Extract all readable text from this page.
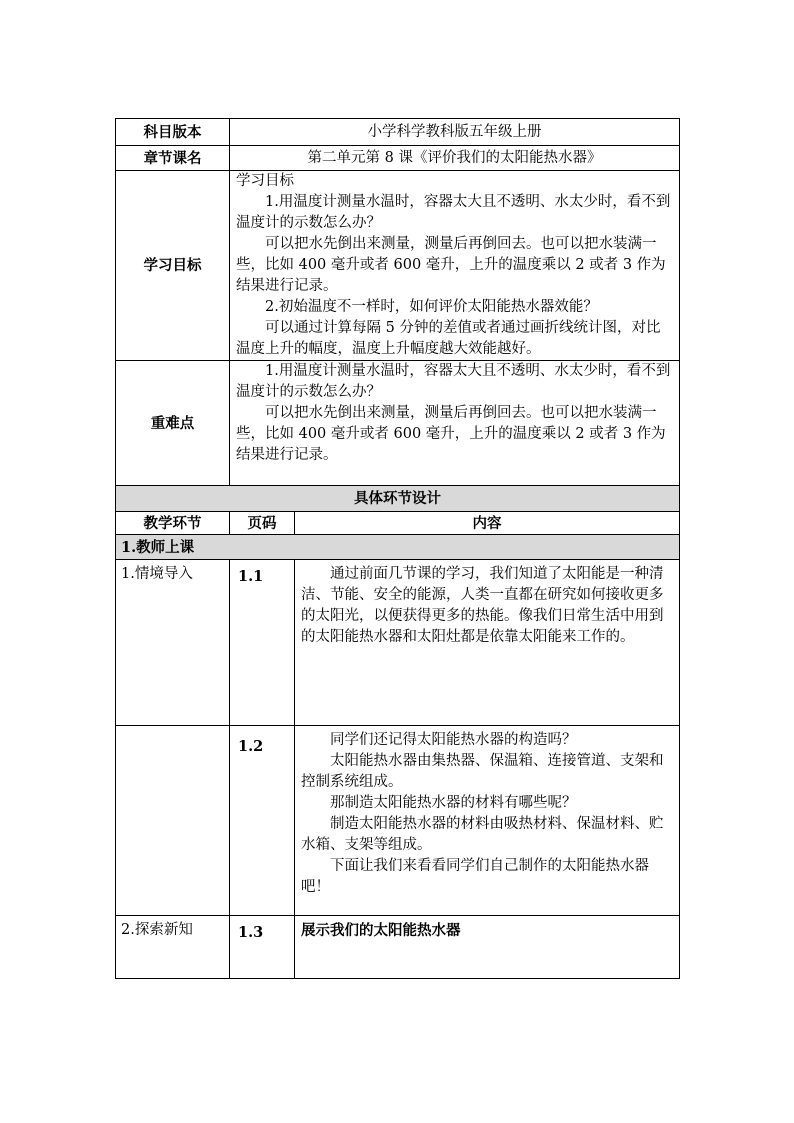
科目版本	小学科学教科版五年级上册	
章节课名	第二单元第 8 课《评价我们的太阳能热水器》	
学习目标	学习目标

1.用温度计测量水温时，容器太大且不透明、水太少时，看不到温度计的示数怎么办？

可以把水先倒出来测量，测量后再倒回去。也可以把水装满一些，比如 400 毫升或者 600 毫升，上升的温度乘以 2 或者 3 作为结果进行记录。

2.初始温度不一样时，如何评价太阳能热水器效能？

可以通过计算每隔 5 分钟的差值或者通过画折线统计图，对比温度上升的幅度，温度上升幅度越大效能越好。	

重难点	1.用温度计测量水温时，容器太大且不透明、水太少时，看不到温度计的示数怎么办？

可以把水先倒出来测量，测量后再倒回去。也可以把水装满一些，比如 400 毫升或者 600 毫升，上升的温度乘以 2 或者 3 作为结果进行记录。	

具体环节设计		
教学环节	页码	内容
1.教师上课		
1.情境导入	1.1	通过前面几节课的学习，我们知道了太阳能是一种清洁、节能、安全的能源，人类一直都在研究如何接收更多的太阳光，以便获得更多的热能。像我们日常生活中用到的太阳能热水器和太阳灶都是依靠太阳能来工作的。

	1.2	同学们还记得太阳能热水器的构造吗？

太阳能热水器由集热器、保温箱、连接管道、支架和控制系统组成。

那制造太阳能热水器的材料有哪些呢？

制造太阳能热水器的材料由吸热材料、保温材料、贮水箱、支架等组成。

下面让我们来看看同学们自己制作的太阳能热水器吧！

2.探索新知	1.3	展示我们的太阳能热水器
